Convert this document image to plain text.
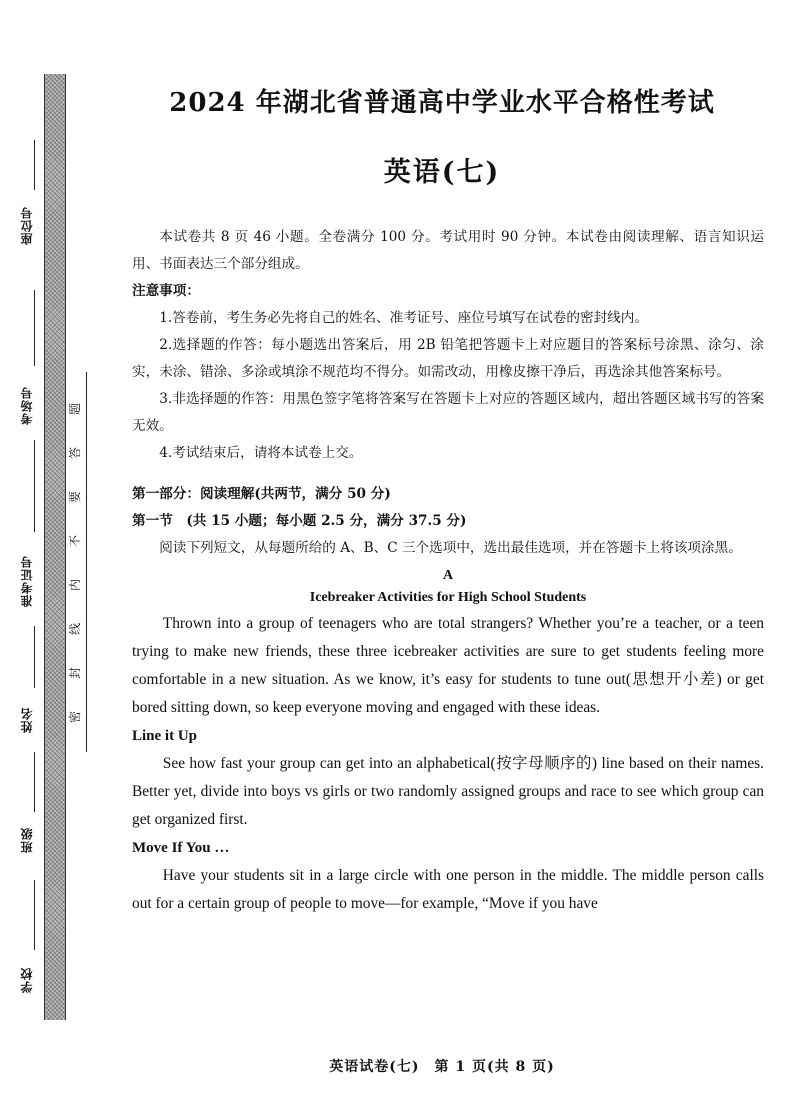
题
答
要
不
内
线
封
密
座位号
考场号
准考证号
姓名
班级
学校
2024 年湖北省普通高中学业水平合格性考试
英语(七)

本试卷共 8 页 46 小题。全卷满分 100 分。考试用时 90 分钟。本试卷由阅读理解、语言知识运用、书面表达三个部分组成。

注意事项：

1.答卷前，考生务必先将自己的姓名、准考证号、座位号填写在试卷的密封线内。

2.选择题的作答：每小题选出答案后，用 2B 铅笔把答题卡上对应题目的答案标号涂黑、涂匀、涂实，未涂、错涂、多涂或填涂不规范均不得分。如需改动，用橡皮擦干净后，再选涂其他答案标号。

3.非选择题的作答：用黑色签字笔将答案写在答题卡上对应的答题区域内，超出答题区域书写的答案无效。

4.考试结束后，请将本试卷上交。

第一部分：阅读理解(共两节，满分 50 分)

第一节　(共 15 小题；每小题 2.5 分，满分 37.5 分)

阅读下列短文，从每题所给的 A、B、C 三个选项中，选出最佳选项，并在答题卡上将该项涂黑。

A

Icebreaker Activities for High School Students

Thrown into a group of teenagers who are total strangers? Whether you’re a teacher, or a teen trying to make new friends, these three icebreaker activities are sure to get students feeling more comfortable in a new situation. As we know, it’s easy for students to tune out(思想开小差) or get bored sitting down, so keep everyone moving and engaged with these ideas.

Line it Up

See how fast your group can get into an alphabetical(按字母顺序的) line based on their names. Better yet, divide into boys vs girls or two randomly assigned groups and race to see which group can get organized first.

Move If You …

Have your students sit in a large circle with one person in the middle. The middle person calls out for a certain group of people to move—for example, “Move if you have

英语试卷(七)　第 1 页(共 8 页)
